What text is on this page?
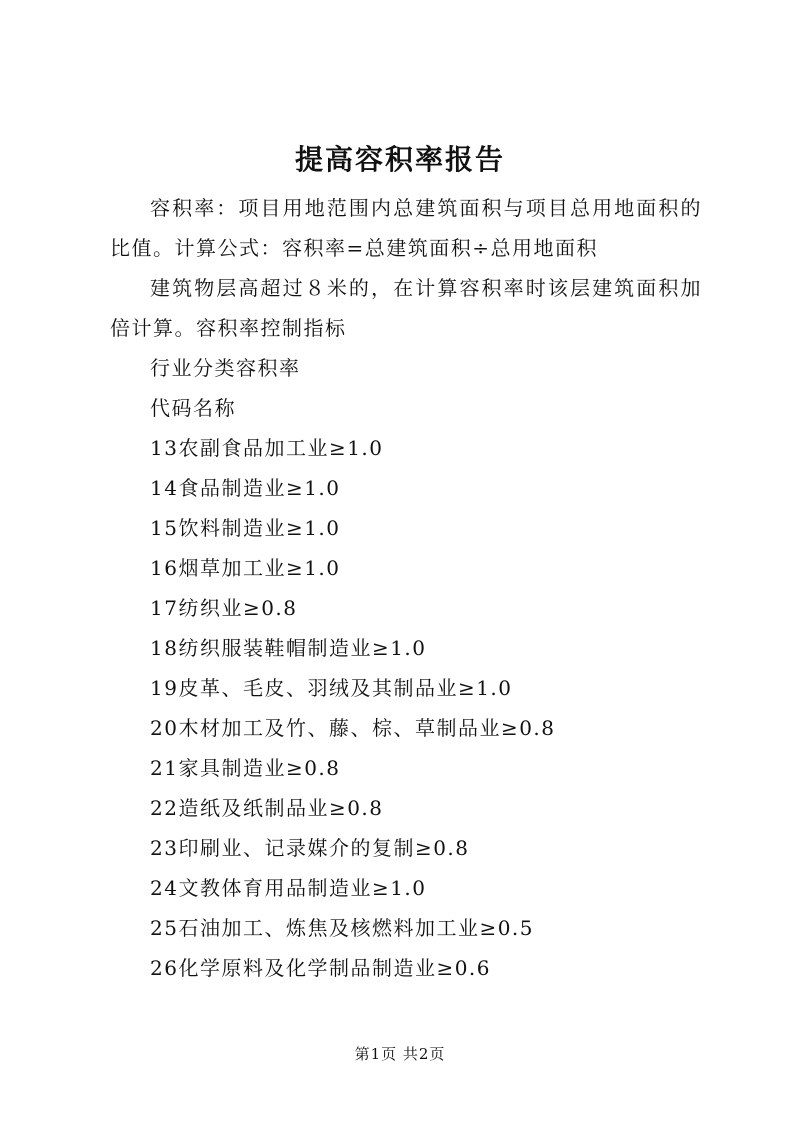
提高容积率报告

容积率：项目用地范围内总建筑面积与项目总用地面积的比值。计算公式：容积率=总建筑面积÷总用地面积

建筑物层高超过８米的，在计算容积率时该层建筑面积加倍计算。容积率控制指标

行业分类容积率

代码名称

13农副食品加工业≥1.0

14食品制造业≥1.0

15饮料制造业≥1.0

16烟草加工业≥1.0

17纺织业≥0.8

18纺织服装鞋帽制造业≥1.0

19皮革、毛皮、羽绒及其制品业≥1.0

20木材加工及竹、藤、棕、草制品业≥0.8

21家具制造业≥0.8

22造纸及纸制品业≥0.8

23印刷业、记录媒介的复制≥0.8

24文教体育用品制造业≥1.0

25石油加工、炼焦及核燃料加工业≥0.5

26化学原料及化学制品制造业≥0.6

第1页 共2页
